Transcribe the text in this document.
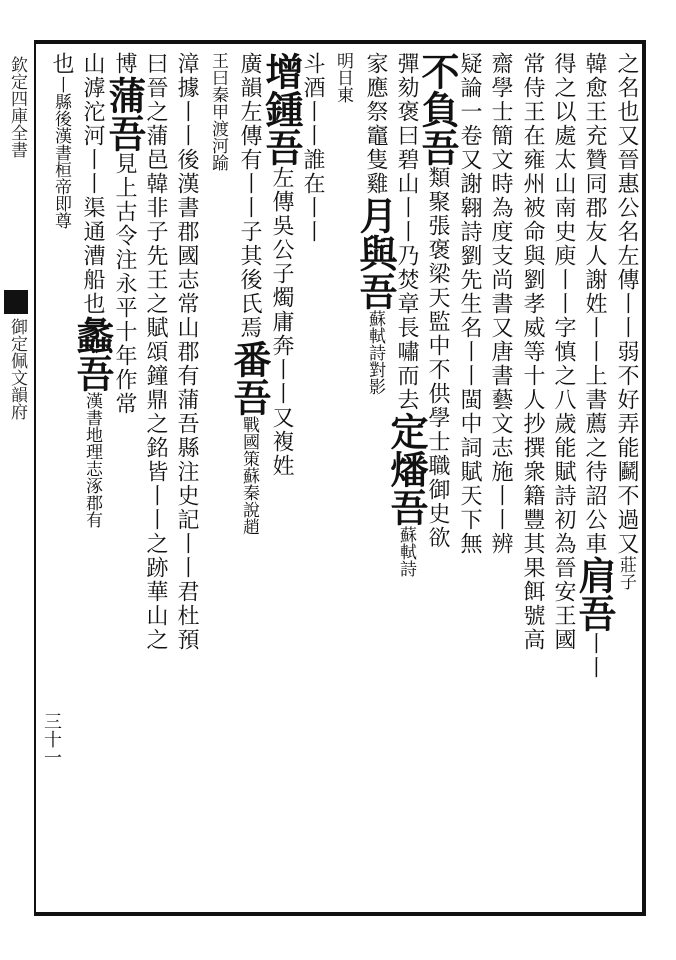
欽定四庫全書
御定佩文韻府	之名也又晉惠公名左傳丨丨弱不好弄能鬬不過又莊子
韓愈王充贊同郡友人謝姓丨丨上書薦之待詔公車肩吾丨丨
得之以處太山南史庾丨丨字慎之八歲能賦詩初為晉安王國
常侍王在雍州被命與劉孝威等十人抄撰衆籍豐其果餌號高
齋學士簡文時為度支尚書又唐書藝文志施丨丨辨
疑論一卷又謝翱詩劉先生名丨丨閩中詞賦天下無
不負吾類聚張褒梁天監中不供學士職御史欲
彈劾褒曰碧山丨丨乃焚章長嘯而去定燔吾蘇軾詩
家應祭竈隻雞月與吾蘇軾詩對影
明日東
斗酒丨丨誰在丨丨
增鍾吾左傳吳公子燭庸奔丨丨又複姓
廣韻左傳有丨丨子其後氏焉番吾戰國策蘇秦說趙
王曰秦甲渡河踰
漳據丨丨後漢書郡國志常山郡有蒲吾縣注史記丨丨君杜預
曰晉之蒲邑韓非子先王之賦頌鐘鼎之銘皆丨丨之跡華山之
博蒲吾見上古令注永平十年作常
山滹沱河丨丨渠通漕船也蠡吾漢書地理志涿郡有
也丨縣後漢書桓帝即尊
三十一
